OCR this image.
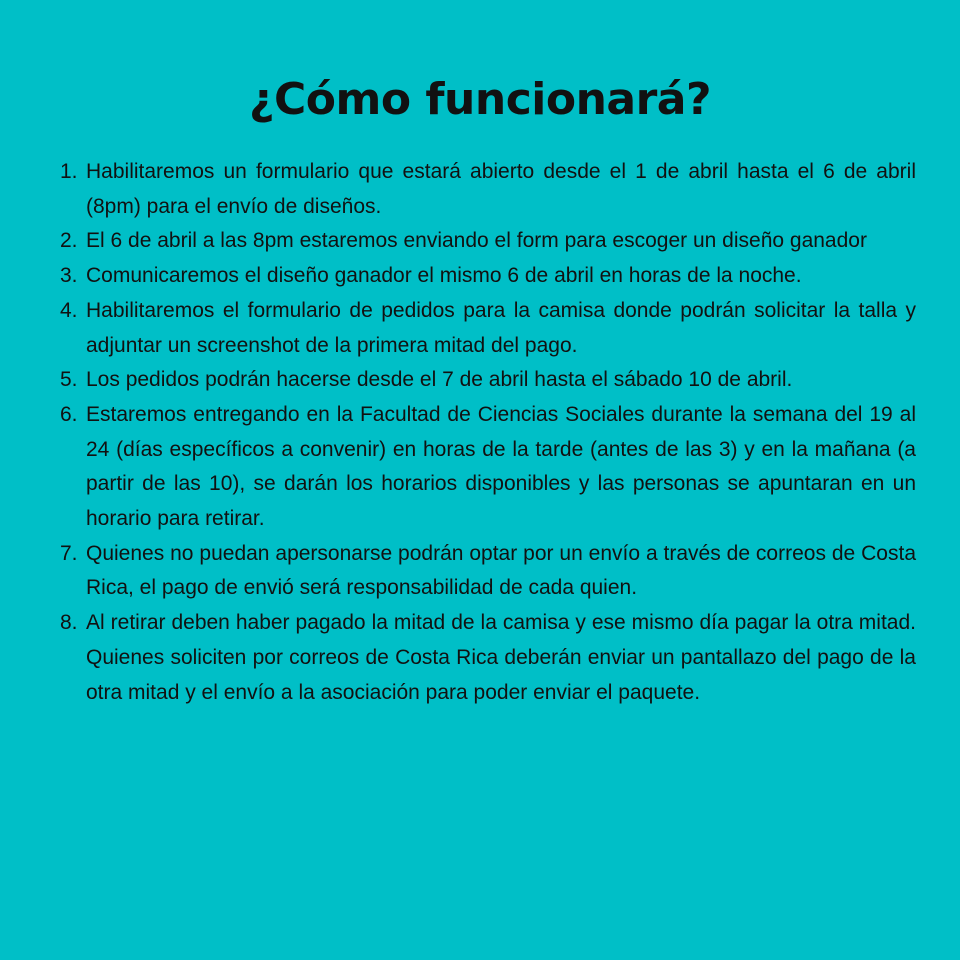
¿Cómo funcionará?
1. Habilitaremos un formulario que estará abierto desde el 1 de abril hasta el 6 de abril (8pm) para el envío de diseños.
2. El 6 de abril a las 8pm estaremos enviando el form para escoger un diseño ganador
3. Comunicaremos el diseño ganador el mismo 6 de abril en horas de la noche.
4. Habilitaremos el formulario de pedidos para la camisa donde podrán solicitar la talla y adjuntar un screenshot de la primera mitad del pago.
5. Los pedidos podrán hacerse desde el 7 de abril hasta el sábado 10 de abril.
6. Estaremos entregando en la Facultad de Ciencias Sociales durante la semana del 19 al 24 (días específicos a convenir) en horas de la tarde (antes de las 3) y en la mañana (a partir de las 10), se darán los horarios disponibles y las personas se apuntaran en un horario para retirar.
7. Quienes no puedan apersonarse podrán optar por un envío a través de correos de Costa Rica, el pago de envió será responsabilidad de cada quien.
8. Al retirar deben haber pagado la mitad de la camisa y ese mismo día pagar la otra mitad. Quienes soliciten por correos de Costa Rica deberán enviar un pantallazo del pago de la otra mitad y el envío a la asociación para poder enviar el paquete.
